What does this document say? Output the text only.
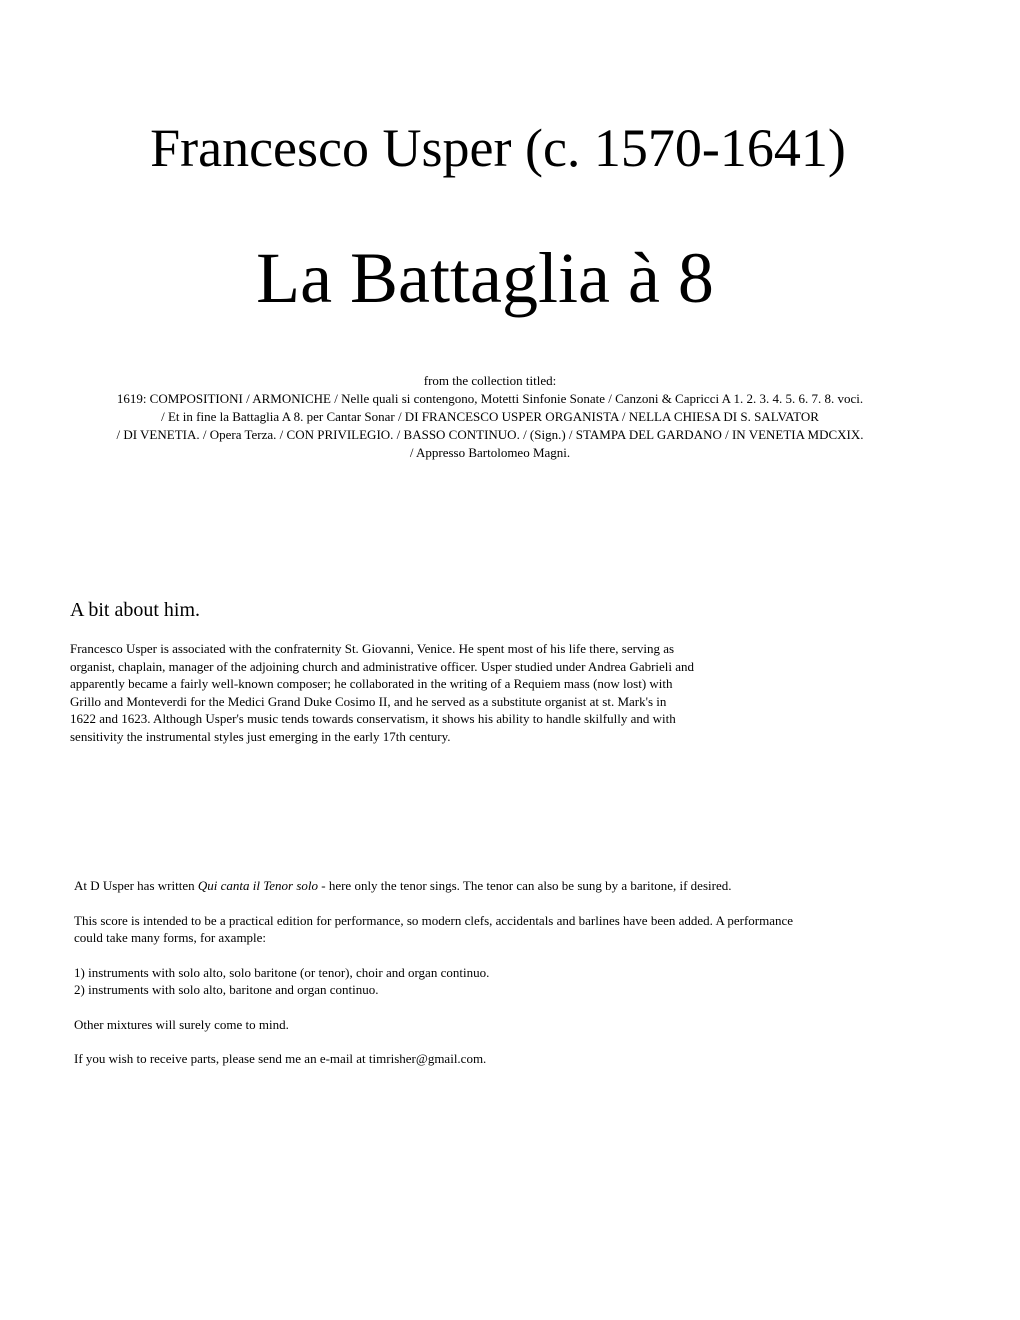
Francesco Usper (c. 1570-1641)
La Battaglia à 8
from the collection titled:
1619: COMPOSITIONI / ARMONICHE / Nelle quali si contengono, Motetti Sinfonie Sonate / Canzoni & Capricci A 1. 2. 3. 4. 5. 6. 7. 8. voci.
/ Et in fine la Battaglia A 8. per Cantar Sonar / DI FRANCESCO USPER ORGANISTA / NELLA CHIESA DI S. SALVATOR
/ DI VENETIA. / Opera Terza. / CON PRIVILEGIO. / BASSO CONTINUO. / (Sign.) / STAMPA DEL GARDANO / IN VENETIA MDCXIX.
/ Appresso Bartolomeo Magni.
A bit about him.
Francesco Usper is associated with the confraternity St. Giovanni, Venice. He spent most of his life there, serving as
organist, chaplain, manager of the adjoining church and administrative officer. Usper studied under Andrea Gabrieli and
apparently became a fairly well-known composer; he collaborated in the writing of a Requiem mass (now lost) with
Grillo and Monteverdi for the Medici Grand Duke Cosimo II, and he served as a substitute organist at st. Mark's in
1622 and 1623. Although Usper's music tends towards conservatism, it shows his ability to handle skilfully and with
sensitivity the instrumental styles just emerging in the early 17th century.
At D Usper has written Qui canta il Tenor solo - here only the tenor sings. The tenor can also be sung by a baritone, if desired.
This score is intended to be a practical edition for performance, so modern clefs, accidentals and barlines have been added. A performance
could take many forms, for axample:
1) instruments with solo alto, solo baritone (or tenor), choir and organ continuo.
2) instruments with solo alto, baritone and organ continuo.
Other mixtures will surely come to mind.
If you wish to receive parts, please send me an e-mail at timrisher@gmail.com.
